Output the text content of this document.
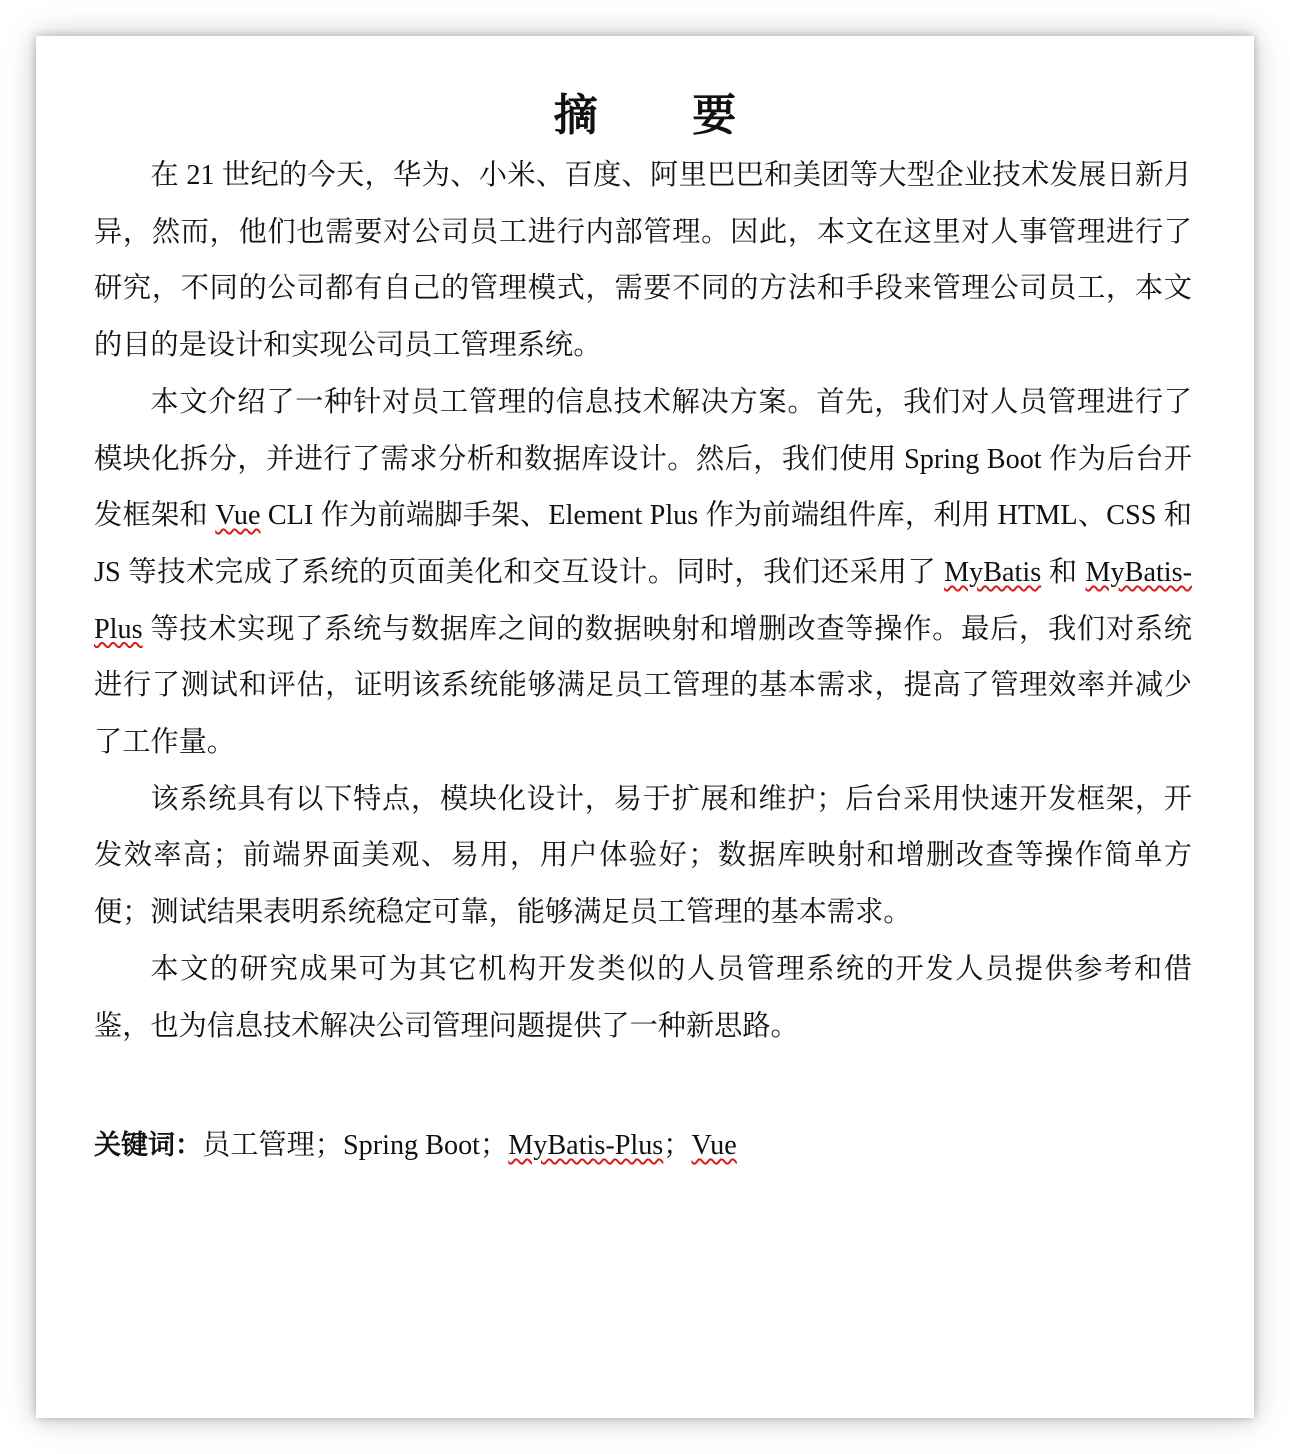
摘 要

在 21 世纪的今天，华为、小米、百度、阿里巴巴和美团等大型企业技术发展日新月异，然而，他们也需要对公司员工进行内部管理。因此，本文在这里对人事管理进行了研究，不同的公司都有自己的管理模式，需要不同的方法和手段来管理公司员工，本文的目的是设计和实现公司员工管理系统。

本文介绍了一种针对员工管理的信息技术解决方案。首先，我们对人员管理进行了模块化拆分，并进行了需求分析和数据库设计。然后，我们使用 Spring Boot 作为后台开发框架和 Vue CLI 作为前端脚手架、Element Plus 作为前端组件库，利用 HTML、CSS 和 JS 等技术完成了系统的页面美化和交互设计。同时，我们还采用了 MyBatis 和 MyBatis-Plus 等技术实现了系统与数据库之间的数据映射和增删改查等操作。最后，我们对系统进行了测试和评估，证明该系统能够满足员工管理的基本需求，提高了管理效率并减少了工作量。

该系统具有以下特点，模块化设计，易于扩展和维护；后台采用快速开发框架，开发效率高；前端界面美观、易用，用户体验好；数据库映射和增删改查等操作简单方便；测试结果表明系统稳定可靠，能够满足员工管理的基本需求。

本文的研究成果可为其它机构开发类似的人员管理系统的开发人员提供参考和借鉴，也为信息技术解决公司管理问题提供了一种新思路。

关键词：员工管理；Spring Boot；MyBatis-Plus；Vue
